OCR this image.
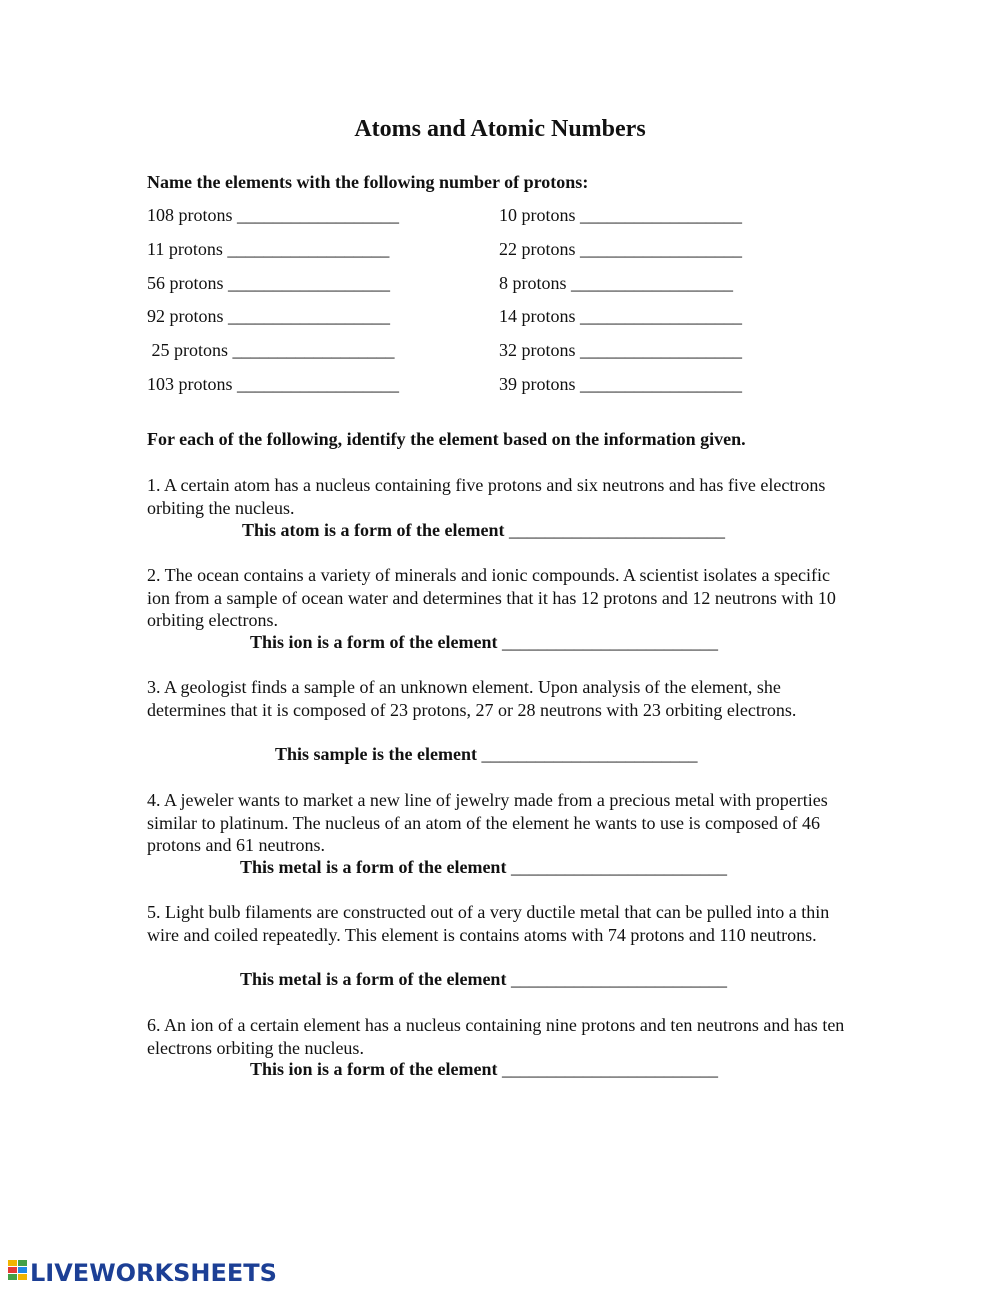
Atoms and Atomic Numbers

Name the elements with the following number of protons:

108 protons __________________	10 protons __________________
11 protons __________________	22 protons __________________
56 protons __________________	8 protons __________________
92 protons __________________	14 protons __________________
25 protons __________________	32 protons __________________
103 protons __________________	39 protons __________________

For each of the following, identify the element based on the information given.

1. A certain atom has a nucleus containing five protons and six neutrons and has five electrons orbiting the nucleus.

This atom is a form of the element ________________________

2. The ocean contains a variety of minerals and ionic compounds. A scientist isolates a specific ion from a sample of ocean water and determines that it has 12 protons and 12 neutrons with 10 orbiting electrons.

This ion is a form of the element ________________________

3. A geologist finds a sample of an unknown element. Upon analysis of the element, she determines that it is composed of 23 protons, 27 or 28 neutrons with 23 orbiting electrons.

This sample is the element ________________________

4. A jeweler wants to market a new line of jewelry made from a precious metal with properties similar to platinum. The nucleus of an atom of the element he wants to use is composed of 46 protons and 61 neutrons.

This metal is a form of the element ________________________

5. Light bulb filaments are constructed out of a very ductile metal that can be pulled into a thin wire and coiled repeatedly. This element is contains atoms with 74 protons and 110 neutrons.

This metal is a form of the element ________________________

6. An ion of a certain element has a nucleus containing nine protons and ten neutrons and has ten electrons orbiting the nucleus.

This ion is a form of the element ________________________

LIVEWORKSHEETS
